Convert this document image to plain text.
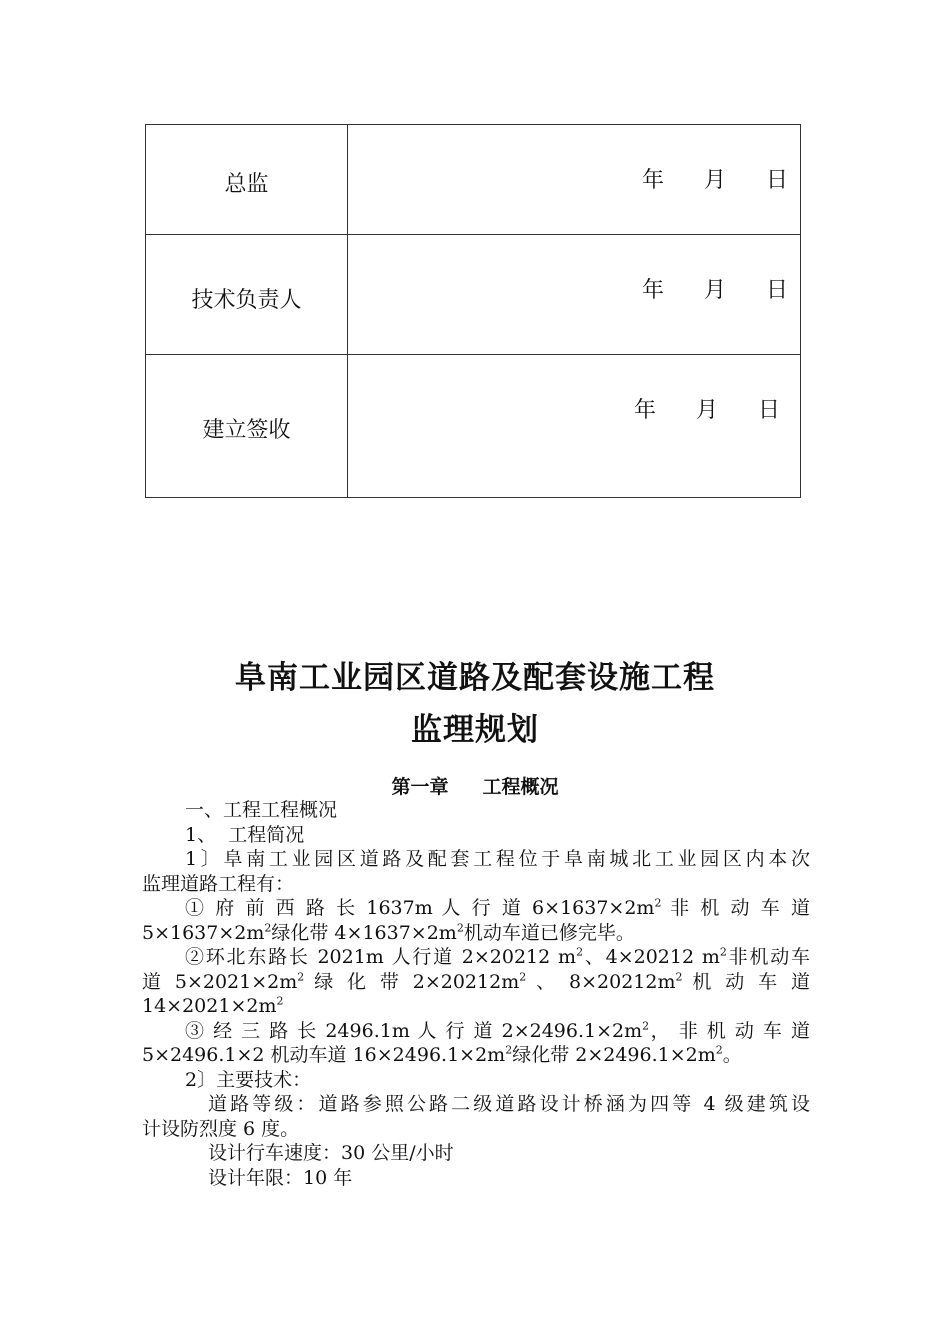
总监	年 月 日

技术负责人	年 月 日

建立签收	年 月 日
阜南工业园区道路及配套设施工程
监理规划
第一章 工程概况

一、工程工程概况

1、 工程简况

1〕阜南工业园区道路及配套工程位于阜南城北工业园区内本次

监理道路工程有：

① 府 前 西 路 长 1637m 人 行 道 $6\times 1637\times 2m^2$ 非 机 动 车 道

$5\times 1637\times 2m^2$绿化带 $4\times 1637\times 2m^2$机动车道已修完毕。

②环北东路长 2021m 人行道 2×20212 $m^2$、4×20212 $m^2$非机动车

道 $5\times 2021\times 2m^2$ 绿 化 带 $2\times 20212m^2$ 、 $8\times 20212m^2$ 机 动 车 道

$14\times 2021\times 2m^2$

③ 经 三 路 长 2496.1m 人 行 道 $2\times 2496.1\times 2m^2$， 非 机 动 车 道

5×2496.1×2 机动车道 $16\times 2496.1\times 2m^2$绿化带 $2\times 2496.1\times 2m^2$。

2〕主要技术：

道路等级：道路参照公路二级道路设计桥涵为四等 4 级建筑设

计设防烈度 6 度。

设计行车速度：30 公里/小时

设计年限：10 年
